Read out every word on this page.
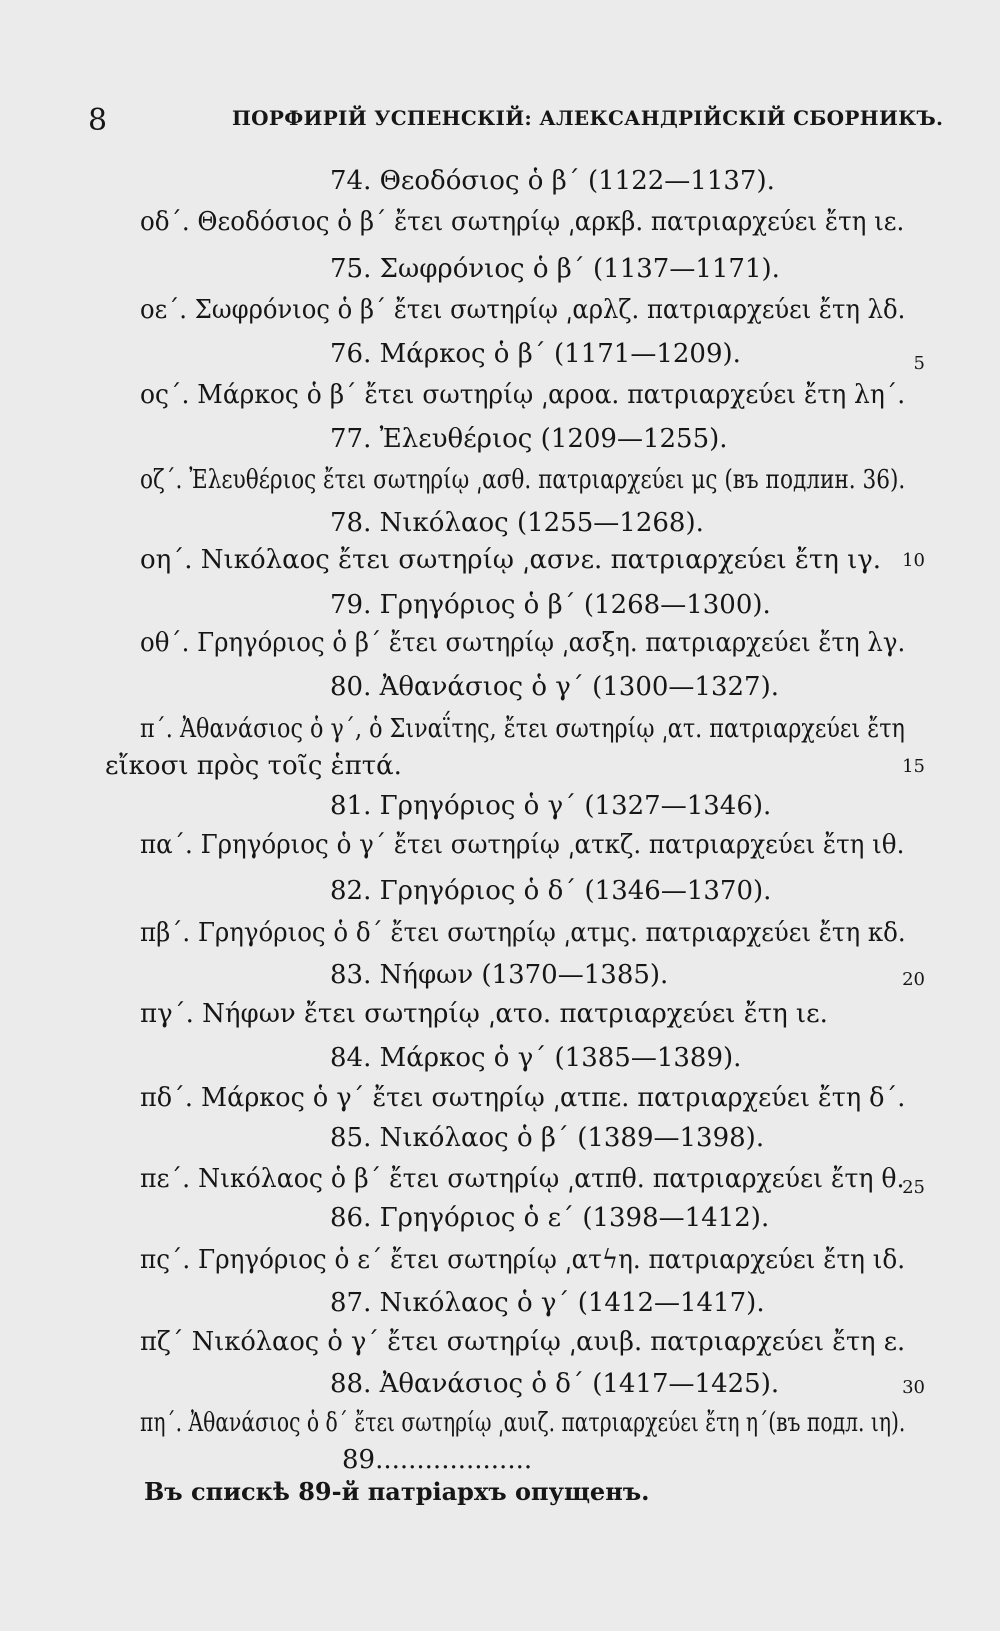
8	ПОРФИРІЙ УСПЕНСКІЙ: АЛЕКСАНДРІЙСКІЙ СБОРНИКЪ.
74. Θεοδόσιος ὁ β΄ (1122—1137).
οδ΄. Θεοδόσιος ὁ β΄ ἔτει σωτηρίῳ ͵αρκβ. πατριαρχεύει ἔτη ιε.
75. Σωφρόνιος ὁ β΄ (1137—1171).
οε΄. Σωφρόνιος ὁ β΄ ἔτει σωτηρίῳ ͵αρλζ. πατριαρχεύει ἔτη λδ.
76. Μάρκος ὁ β΄ (1171—1209).
ος΄. Μάρκος ὁ β΄ ἔτει σωτηρίῳ ͵αροα. πατριαρχεύει ἔτη λη΄.
77. Ἐλευθέριος (1209—1255).
οζ΄. Ἐλευθέριος ἔτει σωτηρίῳ ͵ασθ. πατριαρχεύει μς (въ подлин. 36).
78. Νικόλαος (1255—1268).
οη΄. Νικόλαος ἔτει σωτηρίῳ ͵ασνε. πατριαρχεύει ἔτη ιγ.
79. Γρηγόριος ὁ β΄ (1268—1300).
οθ΄. Γρηγόριος ὁ β΄ ἔτει σωτηρίῳ ͵ασξη. πατριαρχεύει ἔτη λγ.
80. Ἀθανάσιος ὁ γ΄ (1300—1327).
π΄. Ἀθανάσιος ὁ γ΄, ὁ Σιναΐτης, ἔτει σωτηρίῳ ͵ατ. πατριαρχεύει ἔτη
εἴκοσι πρὸς τοῖς ἑπτά.
81. Γρηγόριος ὁ γ΄ (1327—1346).
πα΄. Γρηγόριος ὁ γ΄ ἔτει σωτηρίῳ ͵ατκζ. πατριαρχεύει ἔτη ιθ.
82. Γρηγόριος ὁ δ΄ (1346—1370).
πβ΄. Γρηγόριος ὁ δ΄ ἔτει σωτηρίῳ ͵ατμς. πατριαρχεύει ἔτη κδ.
83. Νήφων (1370—1385).
πγ΄. Νήφων ἔτει σωτηρίῳ ͵ατο. πατριαρχεύει ἔτη ιε.
84. Μάρκος ὁ γ΄ (1385—1389).
πδ΄. Μάρκος ὁ γ΄ ἔτει σωτηρίῳ ͵ατπε. πατριαρχεύει ἔτη δ΄.
85. Νικόλαος ὁ β΄ (1389—1398).
πε΄. Νικόλαος ὁ β΄ ἔτει σωτηρίῳ ͵ατπθ. πατριαρχεύει ἔτη θ.
86. Γρηγόριος ὁ ε΄ (1398—1412).
πς΄. Γρηγόριος ὁ ε΄ ἔτει σωτηρίῳ ͵ατϟη. πατριαρχεύει ἔτη ιδ.
87. Νικόλαος ὁ γ΄ (1412—1417).
πζ΄ Νικόλαος ὁ γ΄ ἔτει σωτηρίῳ ͵αυιβ. πατριαρχεύει ἔτη ε.
88. Ἀθανάσιος ὁ δ΄ (1417—1425).
πη΄. Ἀθανάσιος ὁ δ΄ ἔτει σωτηρίῳ ͵αυιζ. πατριαρχεύει ἔτη η΄(въ подл. ιη).
89...................
Въ спискѣ 89-й патріархъ опущенъ.
5
10
15
20
25
30
